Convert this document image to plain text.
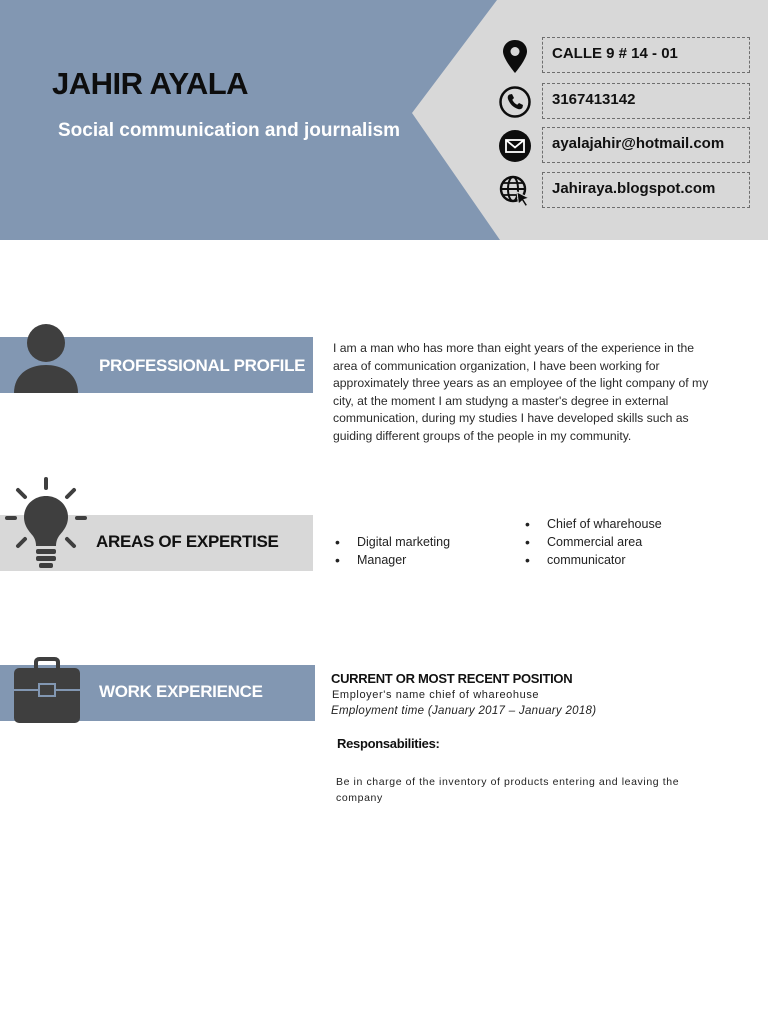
JAHIR AYALA
Social communication and journalism
CALLE 9 # 14 - 01
3167413142
ayalajahir@hotmail.com
Jahiraya.blogspot.com
PROFESSIONAL PROFILE

I am a man who has more than eight years of the experience in the area of communication organization, I have been working for approximately three years as an employee of the light company of my city, at the moment I am studyng a master's degree in external communication, during my studies I have developed skills such as guiding different groups of the people in my community.

AREAS OF EXPERTISE
•	Digital marketing
• Manager
• Chief of wharehouse
• Commercial area
• communicator
WORK EXPERIENCE
CURRENT OR MOST RECENT POSITION
Employer's name chief of whareohuse
Employment time (January 2017 – January 2018)
Responsabilities:

Be in charge of the inventory of products entering and leaving the company
